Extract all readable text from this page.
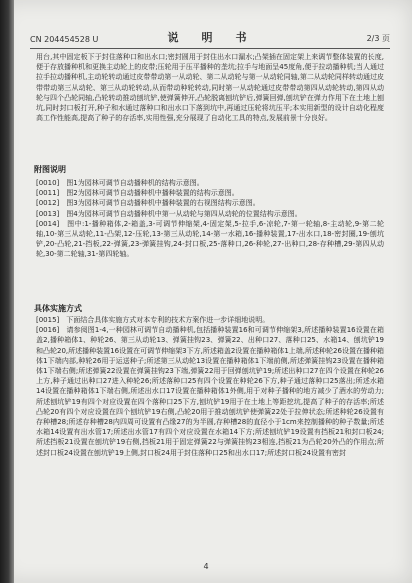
CN 204454528 U	说　明　书	2/3 页

用台,其中固定板下于封住落种口和出水口;密封圆用于封住出水口漏水;凸架插在固定架上来调节整体装置的长度,便于存放播种机和更换主动轮上的皮带;压轮用于压平播种的垄坑;拉手与地面呈45度角,便于拉动播种机;当人通过拉手拉动播种机,主动轮转动通过皮带带动第一从动轮、第二从动轮与第一从动轮同轴,第二从动轮同样转动通过皮带带动第三从动轮、第三从动轮转动,从而带动种轮转动,同时第一从动轮通过皮带带动第四从动轮转动,第四从动轮与四个凸轮同轴,凸轮转动推动刨坑铲,使弹簧伸开,凸轮脱离刨坑铲后,弹簧回弹,刨坑铲在弹力作用下在土地上刨坑,同时封口板打开,种子和水通过落种口和出水口下落到坑中,再通过压轮将坑压平;本实用新型的设计自动化程度高工作性能高,提高了种子的存活率,实用性强,充分展现了自动化工具的特点,发展前景十分良好。

附图说明

[0010]　 图1为园林可调节自动播种机的结构示意图。

[0011]　 图2为园林可调节自动播种机中播种装置的结构示意图。

[0012]　 图3为园林可调节自动播种机中播种装置的右视图结构示意图。

[0013]　 图4为园林可调节自动播种机中第一从动轮与第四从动轮的位置结构示意图。

[0014]　 图中:1-播种箱体,2-箱盖,3-可调节伸缩架,4-固定架,5-拉手,6-凉轮,7-第一轮轴,8-主动轮,9-第二轮轴,10-第三从动轮,11-凸架,12-压轮,13-第三从动轮,14-第一水箱,16-播种装置,17-出水口,18-密封圈,19-刨坑铲,20-凸轮,21-挡板,22-弹簧,23-弹簧挂钩,24-封口板,25-落种口,26-种轮,27-出种口,28-存种槽,29-第四从动轮,30-第二轮轴,31-第四轮轴。

具体实施方式

[0015]　 下面结合具体实施方式对本专利的技术方案作进一步详细地说明。

[0016]　 请参阅图1-4,一种园林可调节自动播种机,包括播种装置16和可调节伸缩架3,所述播种装置16设置在箱盖2,播种箱体1、种轮26、第三从动轮13、弹簧挂钩23、弹簧22、出种口27、落种口25、水箱14、刨坑铲19和凸轮20,所述播种装置16设置在可调节伸缩架3下方,所述箱盖2设置在播种箱体1上端,所述种轮26设置在播种箱体1下端内部,种轮26用于运送种子;所述第三从动轮13设置在播种箱体1下端前侧,所述弹簧挂钩23设置在播种箱体1下端右侧;所述弹簧22设置在弹簧挂钩23下端,弹簧22用于回弹刨坑铲19;所述出种口27在四个设置在种轮26上方,种子通过出种口27进入种轮26;所述落种口25有四个设置在种轮26下方,种子通过落种口25落出;所述水箱14设置在播种箱体1下端右侧,所述出水口17设置在播种箱体1外侧,用于对种子播种的地方减少了酒水的劳动力;所述刨坑铲19有四个对应设置在四个落种口25下方,刨坑铲19用于在土地上等距挖坑,提高了种子的存活率;所述凸轮20有四个对应设置在四个刨坑铲19右侧,凸轮20用于推动刨坑铲使弹簧22处于拉伸状态;所述种轮26设置有存种槽28;所述存种槽28内四周可设置有凸缘27的为半圆,存种槽28的直径小于1cm来控制播种的种子数量;所述水箱14设置有出水管17;所述出水管17有四个对应设置在水箱14下方;所述刨坑铲19设置有挡板21和封口板24;所述挡板21设置在刨坑铲19右侧,挡板21用于固定弹簧22与弹簧挂钩23相连,挡板21为凸轮20外凸的作用点;所述封口板24设置在刨坑铲19上侧,封口板24用于封住落种口25和出水口17;所述封口板24设置有密封

4
